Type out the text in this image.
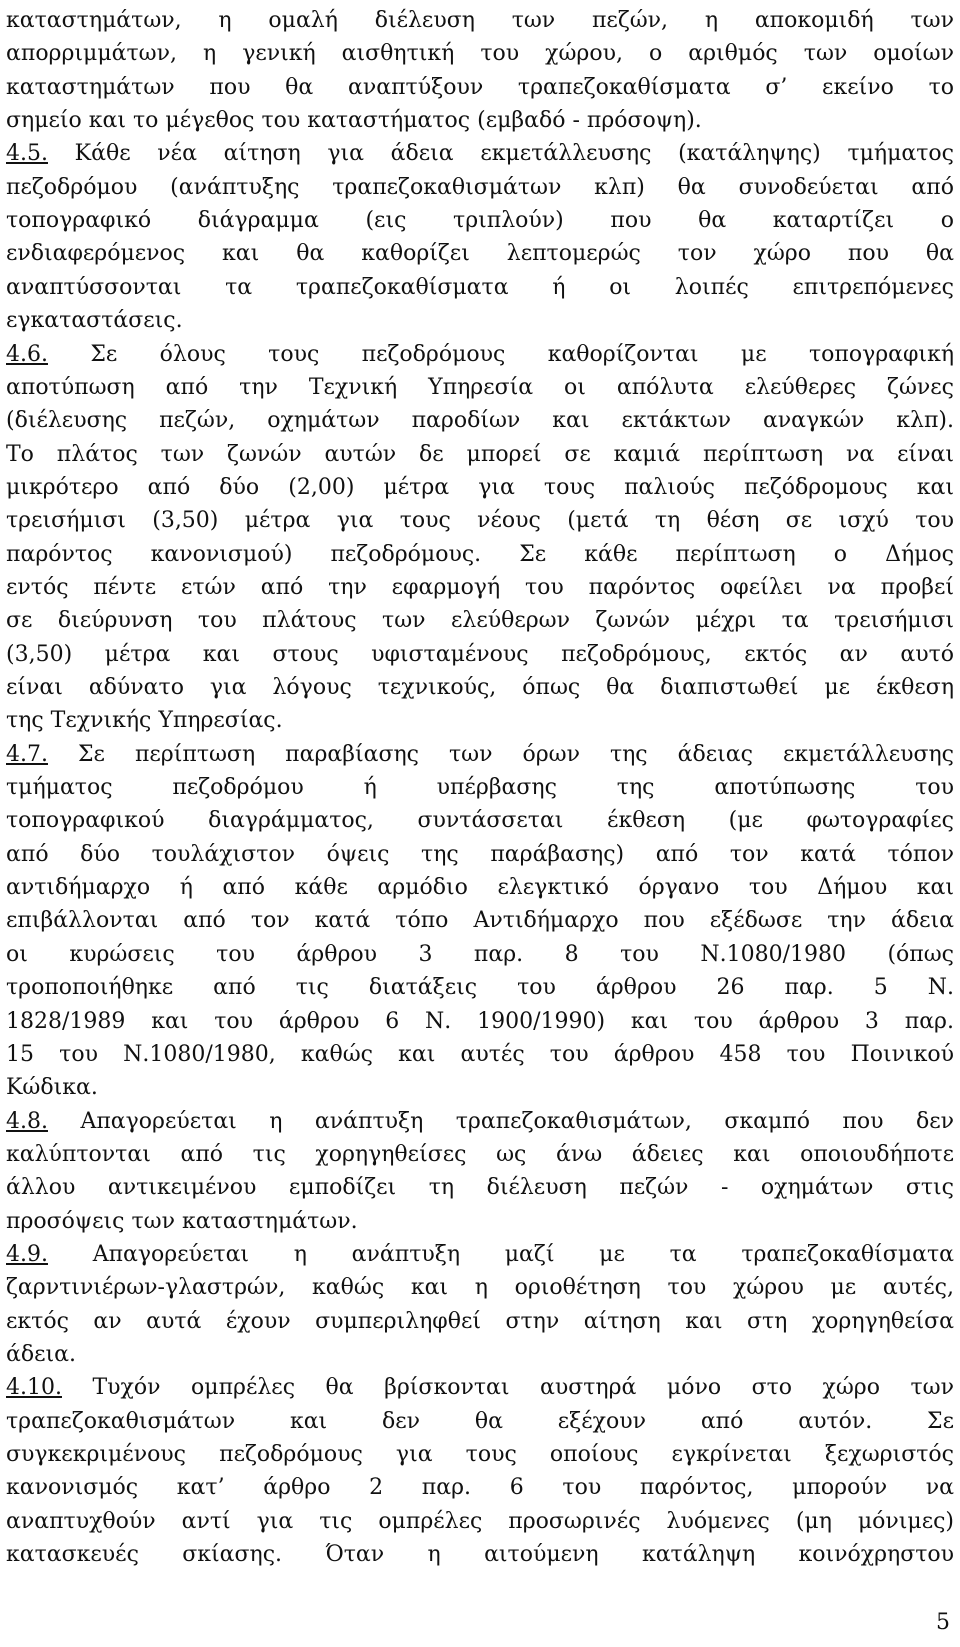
καταστημάτων, η ομαλή διέλευση των πεζών, η αποκομιδή των
απορριμμάτων, η γενική αισθητική του χώρου, ο αριθμός των ομοίων
καταστημάτων που θα αναπτύξουν τραπεζοκαθίσματα σ’ εκείνο το
σημείο και το μέγεθος του καταστήματος (εμβαδό - πρόσοψη).
4.5. Κάθε νέα αίτηση για άδεια εκμετάλλευσης (κατάληψης) τμήματος
πεζοδρόμου (ανάπτυξης τραπεζοκαθισμάτων κλπ) θα συνοδεύεται από
τοπογραφικό διάγραμμα (εις τριπλούν) που θα καταρτίζει ο
ενδιαφερόμενος και θα καθορίζει λεπτομερώς τον χώρο που θα
αναπτύσσονται τα τραπεζοκαθίσματα ή οι λοιπές επιτρεπόμενες
εγκαταστάσεις.
4.6. Σε όλους τους πεζοδρόμους καθορίζονται με τοπογραφική
αποτύπωση από την Τεχνική Υπηρεσία οι απόλυτα ελεύθερες ζώνες
(διέλευσης πεζών, οχημάτων παροδίων και εκτάκτων αναγκών κλπ).
Το πλάτος των ζωνών αυτών δε μπορεί σε καμιά περίπτωση να είναι
μικρότερο από δύο (2,00) μέτρα για τους παλιούς πεζόδρομους και
τρεισήμισι (3,50) μέτρα για τους νέους (μετά τη θέση σε ισχύ του
παρόντος κανονισμού) πεζοδρόμους. Σε κάθε περίπτωση ο Δήμος
εντός πέντε ετών από την εφαρμογή του παρόντος οφείλει να προβεί
σε διεύρυνση του πλάτους των ελεύθερων ζωνών μέχρι τα τρεισήμισι
(3,50) μέτρα και στους υφισταμένους πεζοδρόμους, εκτός αν αυτό
είναι αδύνατο για λόγους τεχνικούς, όπως θα διαπιστωθεί με έκθεση
της Τεχνικής Υπηρεσίας.
4.7. Σε περίπτωση παραβίασης των όρων της άδειας εκμετάλλευσης
τμήματος πεζοδρόμου ή υπέρβασης της αποτύπωσης του
τοπογραφικού διαγράμματος, συντάσσεται έκθεση (με φωτογραφίες
από δύο τουλάχιστον όψεις της παράβασης) από τον κατά τόπον
αντιδήμαρχο ή από κάθε αρμόδιο ελεγκτικό όργανο του Δήμου και
επιβάλλονται από τον κατά τόπο Αντιδήμαρχο που εξέδωσε την άδεια
οι κυρώσεις του άρθρου 3 παρ. 8 του Ν.1080/1980 (όπως
τροποποιήθηκε από τις διατάξεις του άρθρου 26 παρ. 5 Ν.
1828/1989 και του άρθρου 6 Ν. 1900/1990) και του άρθρου 3 παρ.
15 του Ν.1080/1980, καθώς και αυτές του άρθρου 458 του Ποινικού
Κώδικα.
4.8. Απαγορεύεται η ανάπτυξη τραπεζοκαθισμάτων, σκαμπό που δεν
καλύπτονται από τις χορηγηθείσες ως άνω άδειες και οποιουδήποτε
άλλου αντικειμένου εμποδίζει τη διέλευση πεζών - οχημάτων στις
προσόψεις των καταστημάτων.
4.9. Απαγορεύεται η ανάπτυξη μαζί με τα τραπεζοκαθίσματα
ζαρντινιέρων-γλαστρών, καθώς και η οριοθέτηση του χώρου με αυτές,
εκτός αν αυτά έχουν συμπεριληφθεί στην αίτηση και στη χορηγηθείσα
άδεια.
4.10. Τυχόν ομπρέλες θα βρίσκονται αυστηρά μόνο στο χώρο των
τραπεζοκαθισμάτων και δεν θα εξέχουν από αυτόν. Σε
συγκεκριμένους πεζοδρόμους για τους οποίους εγκρίνεται ξεχωριστός
κανονισμός κατ’ άρθρο 2 παρ. 6 του παρόντος, μπορούν να
αναπτυχθούν αντί για τις ομπρέλες προσωρινές λυόμενες (μη μόνιμες)
κατασκευές σκίασης. Όταν η αιτούμενη κατάληψη κοινόχρηστου
5
